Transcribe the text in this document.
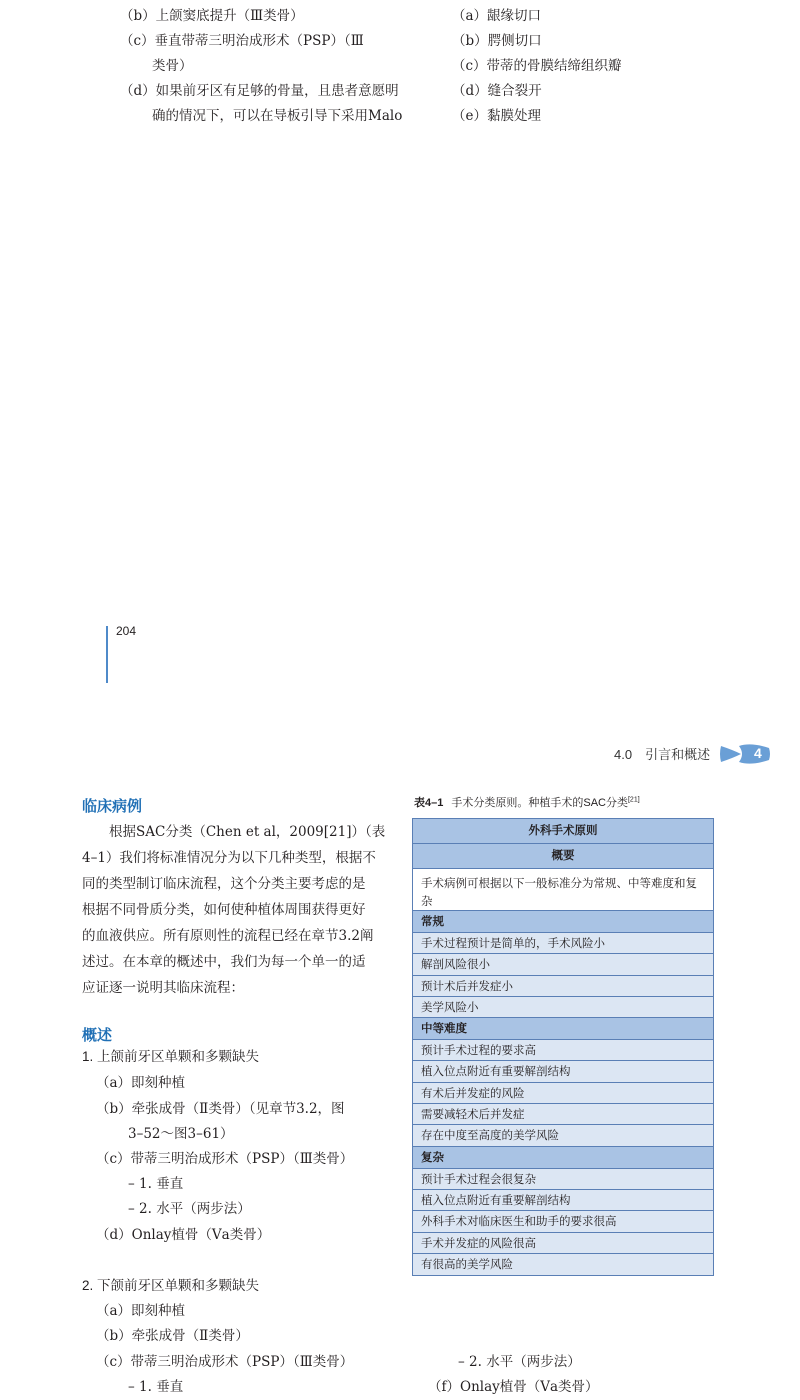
（b）上颌窦底提升（Ⅲ类骨）
（c）垂直带蒂三明治成形术（PSP）（Ⅲ
类骨）
（d）如果前牙区有足够的骨量，且患者意愿明
确的情况下，可以在导板引导下采用Malo
（a）龈缘切口
（b）腭侧切口
（c）带蒂的骨膜结缔组织瓣
（d）缝合裂开
（e）黏膜处理
204
4.0　引言和概述	4
临床病例
　　根据SAC分类（Chen et al，2009[21]）（表
4–1）我们将标准情况分为以下几种类型，根据不
同的类型制订临床流程，这个分类主要考虑的是
根据不同骨质分类，如何使种植体周围获得更好
的血液供应。所有原则性的流程已经在章节3.2阐
述过。在本章的概述中，我们为每一个单一的适
应证逐一说明其临床流程：
概述
1. 上颌前牙区单颗和多颗缺失
（a）即刻种植
（b）牵张成骨（Ⅱ类骨）（见章节3.2，图
3–52～图3–61）
（c）带蒂三明治成形术（PSP）（Ⅲ类骨）
– 1. 垂直
– 2. 水平（两步法）
（d）Onlay植骨（Ⅴa类骨）
2. 下颌前牙区单颗和多颗缺失
（a）即刻种植
（b）牵张成骨（Ⅱ类骨）
（c）带蒂三明治成形术（PSP）（Ⅲ类骨）
– 1. 垂直
– 2. 水平（两步法）
（f）Onlay植骨（Ⅴa类骨）
表4–1 手术分类原则。种植手术的SAC分类[21]
外科手术原则
概要
手术病例可根据以下一般标准分为常规、中等难度和复杂
常规
手术过程预计是简单的，手术风险小
解剖风险很小
预计术后并发症小
美学风险小
中等难度
预计手术过程的要求高
植入位点附近有重要解剖结构
有术后并发症的风险
需要减轻术后并发症
存在中度至高度的美学风险
复杂
预计手术过程会很复杂
植入位点附近有重要解剖结构
外科手术对临床医生和助手的要求很高
手术并发症的风险很高
有很高的美学风险
